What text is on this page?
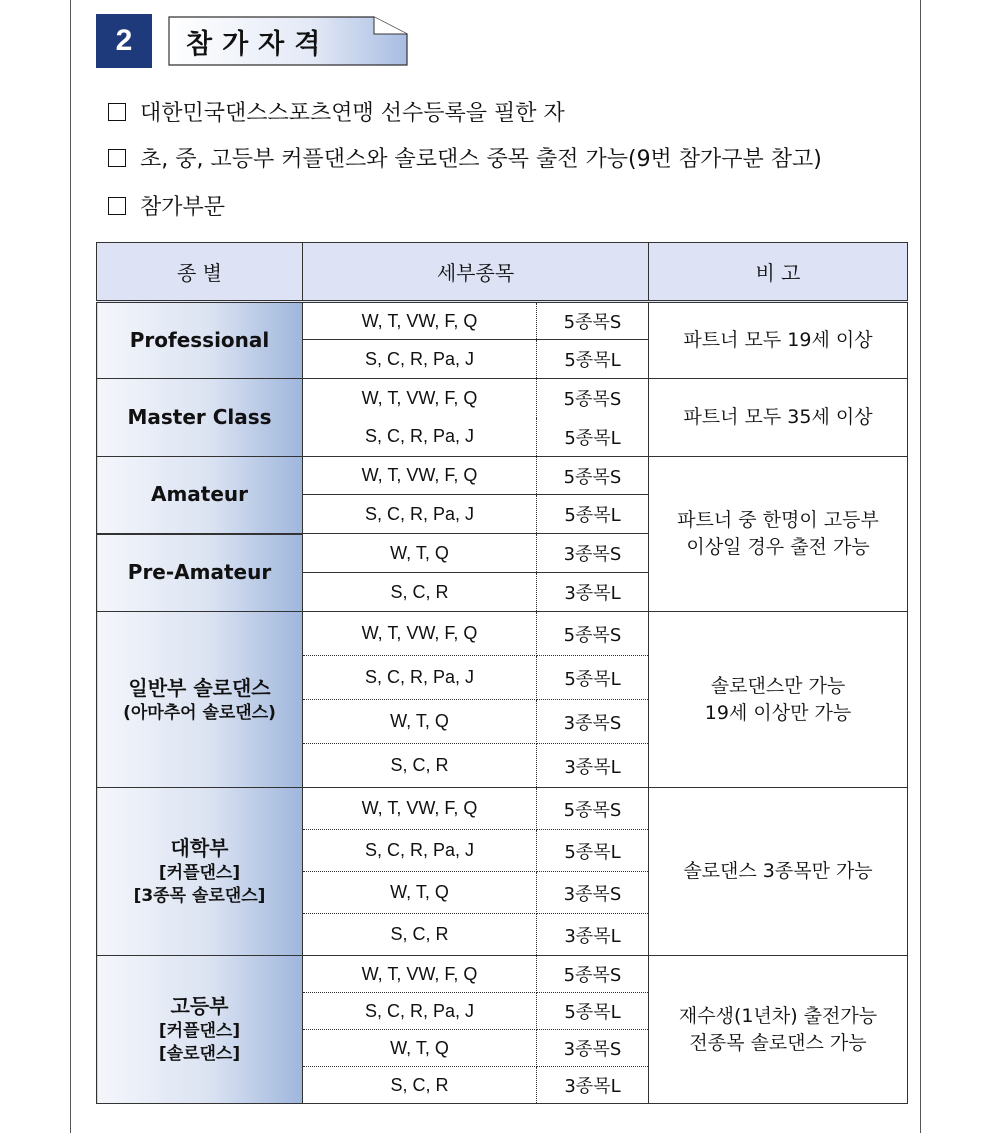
2 참가자격
대한민국댄스스포츠연맹 선수등록을 필한 자
초, 중, 고등부 커플댄스와 솔로댄스 중목 출전 가능(9번 참가구분 참고)
참가부문
종 별	세부종목		비 고
Professional	W, T, VW, F, Q	5종목S	파트너 모두 19세 이상
	S, C, R, Pa, J	5종목L	
Master Class	W, T, VW, F, Q	5종목S	파트너 모두 35세 이상
	S, C, R, Pa, J	5종목L	
Amateur	W, T, VW, F, Q	5종목S	파트너 중 한명이 고등부
이상일 경우 출전 가능
	S, C, R, Pa, J	5종목L	
Pre-Amateur	W, T, Q	3종목S	
	S, C, R	3종목L	
일반부 솔로댄스
(아마추어 솔로댄스)	W, T, VW, F, Q	5종목S	솔로댄스만 가능
19세 이상만 가능
	S, C, R, Pa, J	5종목L	
	W, T, Q	3종목S	
	S, C, R	3종목L	
대학부
[커플댄스]
[3종목 솔로댄스]	W, T, VW, F, Q	5종목S	솔로댄스 3종목만 가능
	S, C, R, Pa, J	5종목L	
	W, T, Q	3종목S	
	S, C, R	3종목L	
고등부
[커플댄스]
[솔로댄스]	W, T, VW, F, Q	5종목S	재수생(1년차) 출전가능
전종목 솔로댄스 가능
	S, C, R, Pa, J	5종목L	
	W, T, Q	3종목S	
	S, C, R	3종목L	
